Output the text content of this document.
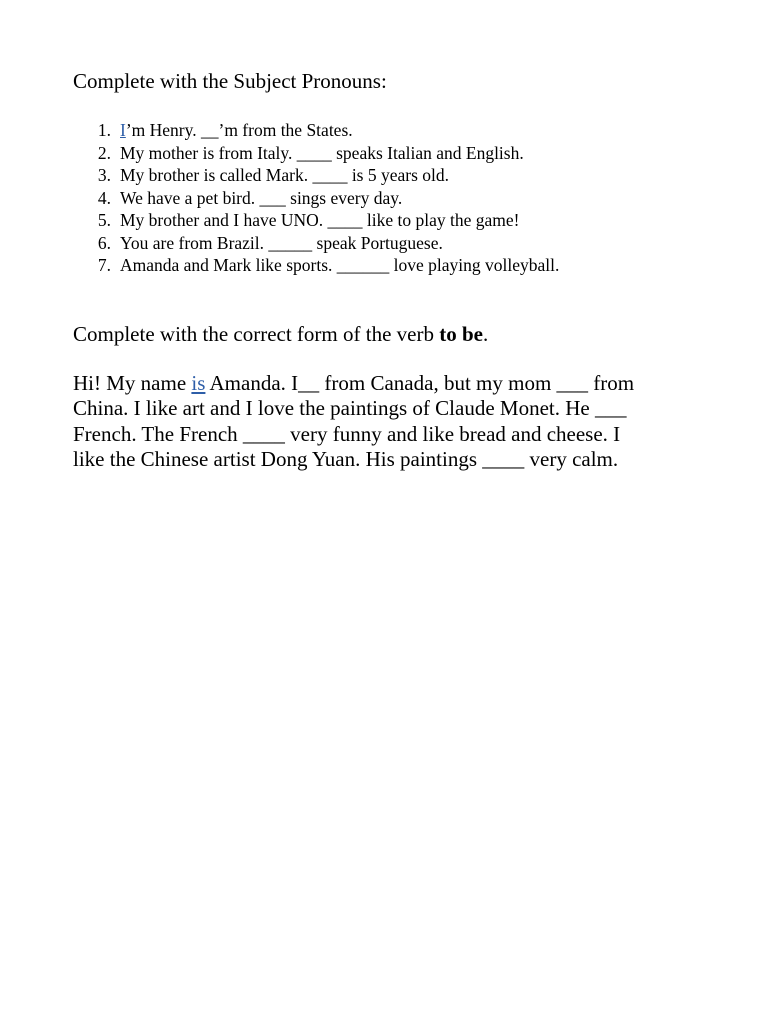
Complete with the Subject Pronouns:
1. I’m Henry. __’m from the States.
2. My mother is from Italy. ____ speaks Italian and English.
3. My brother is called Mark. ____ is 5 years old.
4. We have a pet bird. ___ sings every day.
5. My brother and I have UNO. ____ like to play the game!
6. You are from Brazil. _____ speak Portuguese.
7. Amanda and Mark like sports. ______ love playing volleyball.
Complete with the correct form of the verb to be.
Hi! My name is Amanda. I__ from Canada, but my mom ___ from
China. I like art and I love the paintings of Claude Monet. He ___
French. The French ____ very funny and like bread and cheese. I
like the Chinese artist Dong Yuan. His paintings ____ very calm.
